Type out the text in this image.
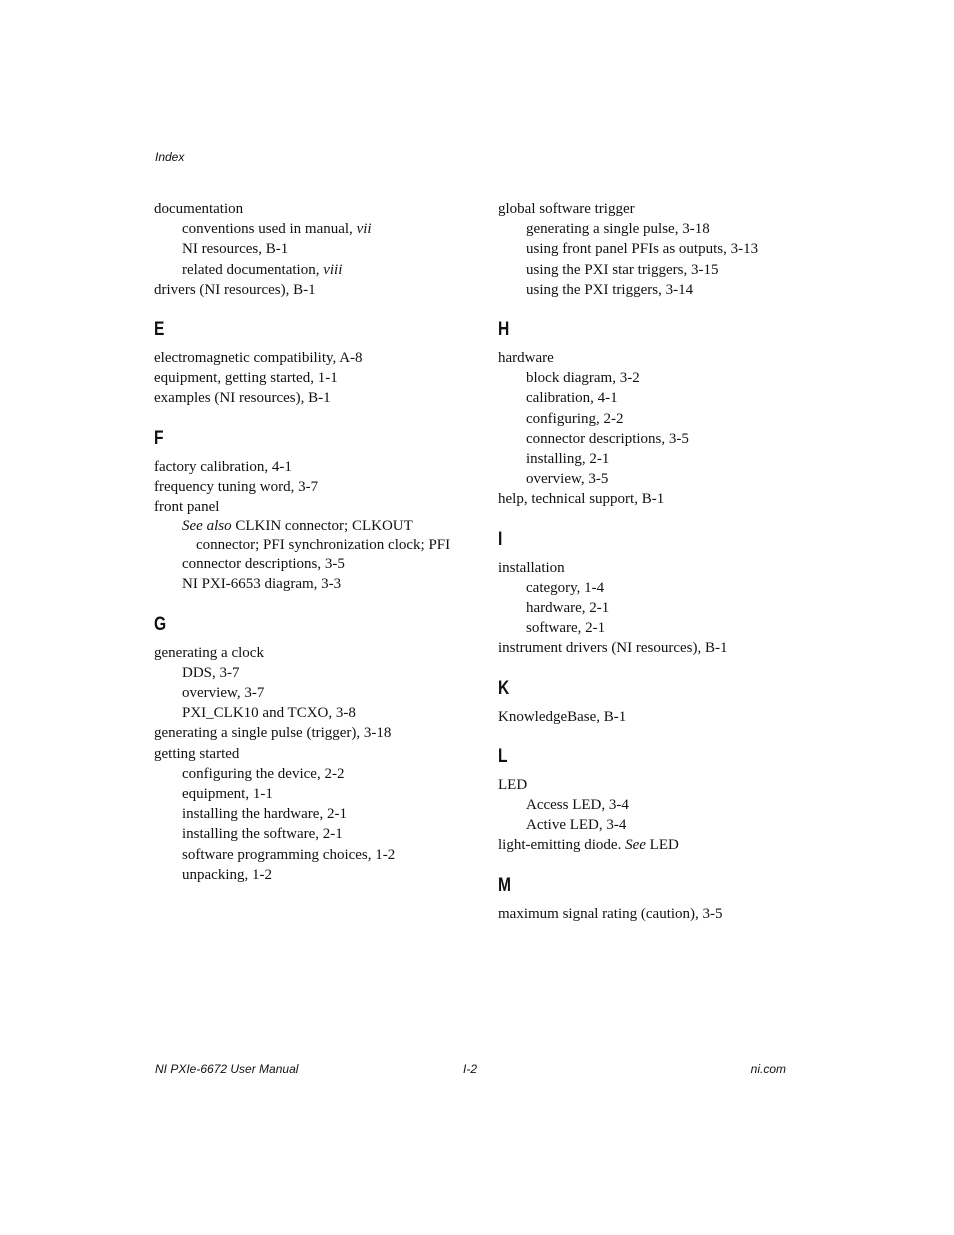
Index

documentation

conventions used in manual, vii

NI resources, B-1

related documentation, viii

drivers (NI resources), B-1

E

electromagnetic compatibility, A-8

equipment, getting started, 1-1

examples (NI resources), B-1

F

factory calibration, 4-1

frequency tuning word, 3-7

front panel

See also CLKIN connector; CLKOUT connector; PFI synchronization clock; PFI

connector descriptions, 3-5

NI PXI-6653 diagram, 3-3

G

generating a clock

DDS, 3-7

overview, 3-7

PXI_CLK10 and TCXO, 3-8

generating a single pulse (trigger), 3-18

getting started

configuring the device, 2-2

equipment, 1-1

installing the hardware, 2-1

installing the software, 2-1

software programming choices, 1-2

unpacking, 1-2

global software trigger

generating a single pulse, 3-18

using front panel PFIs as outputs, 3-13

using the PXI star triggers, 3-15

using the PXI triggers, 3-14

H

hardware

block diagram, 3-2

calibration, 4-1

configuring, 2-2

connector descriptions, 3-5

installing, 2-1

overview, 3-5

help, technical support, B-1

I

installation

category, 1-4

hardware, 2-1

software, 2-1

instrument drivers (NI resources), B-1

K

KnowledgeBase, B-1

L

LED

Access LED, 3-4

Active LED, 3-4

light-emitting diode. See LED

M

maximum signal rating (caution), 3-5

NI PXIe-6672 User Manual	I-2	ni.com
